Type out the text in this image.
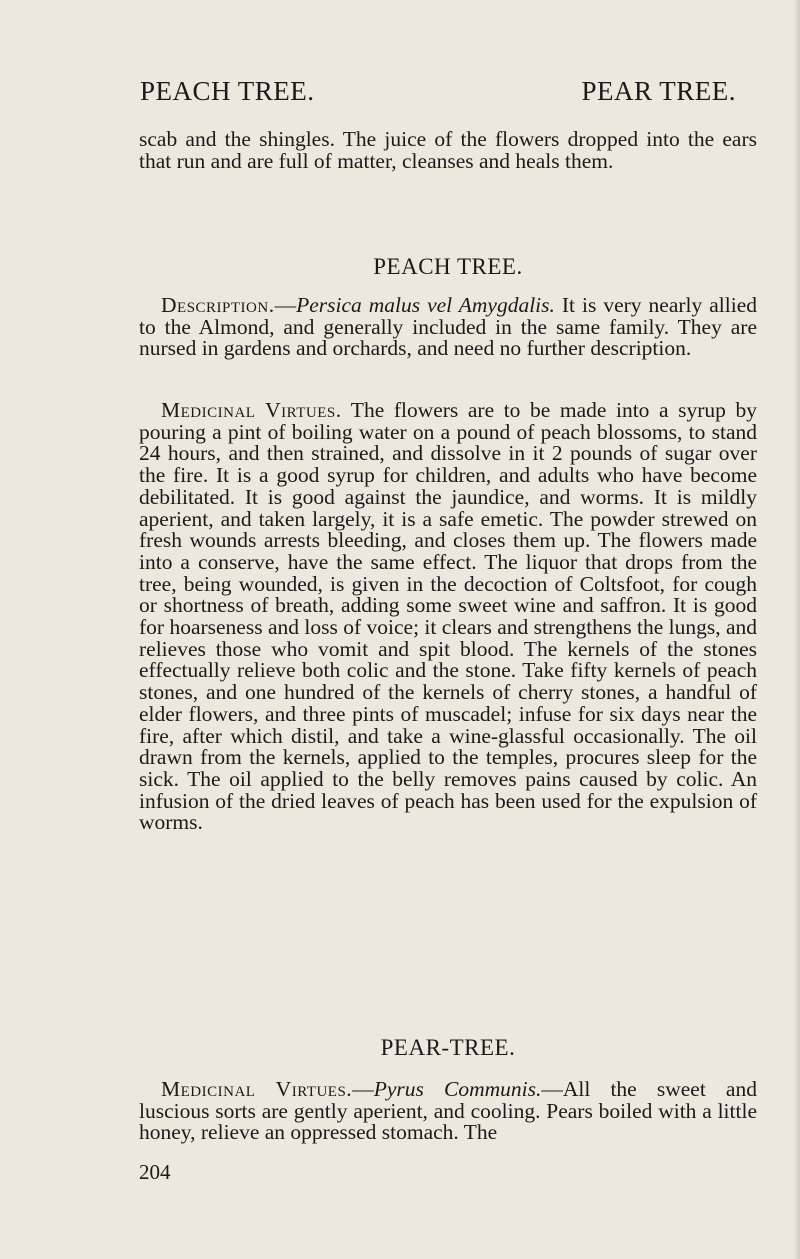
PEACH TREE.	PEAR TREE.
scab and the shingles. The juice of the flowers dropped into the ears that run and are full of matter, cleanses and heals them.
PEACH TREE.
Description.—Persica malus vel Amygdalis. It is very nearly allied to the Almond, and generally included in the same family. They are nursed in gardens and orchards, and need no further description.
Medicinal Virtues. The flowers are to be made into a syrup by pouring a pint of boiling water on a pound of peach blossoms, to stand 24 hours, and then strained, and dissolve in it 2 pounds of sugar over the fire. It is a good syrup for children, and adults who have become debilitated. It is good against the jaundice, and worms. It is mildly aperient, and taken largely, it is a safe emetic. The powder strewed on fresh wounds arrests bleeding, and closes them up. The flowers made into a conserve, have the same effect. The liquor that drops from the tree, being wounded, is given in the decoction of Coltsfoot, for cough or shortness of breath, adding some sweet wine and saffron. It is good for hoarseness and loss of voice; it clears and strengthens the lungs, and relieves those who vomit and spit blood. The kernels of the stones effectually relieve both colic and the stone. Take fifty kernels of peach stones, and one hundred of the kernels of cherry stones, a handful of elder flowers, and three pints of muscadel; infuse for six days near the fire, after which distil, and take a wine-glassful occasionally. The oil drawn from the kernels, applied to the temples, procures sleep for the sick. The oil applied to the belly removes pains caused by colic. An infusion of the dried leaves of peach has been used for the expulsion of worms.
PEAR-TREE.
Medicinal Virtues.—Pyrus Communis.—All the sweet and luscious sorts are gently aperient, and cooling. Pears boiled with a little honey, relieve an oppressed stomach. The
204
